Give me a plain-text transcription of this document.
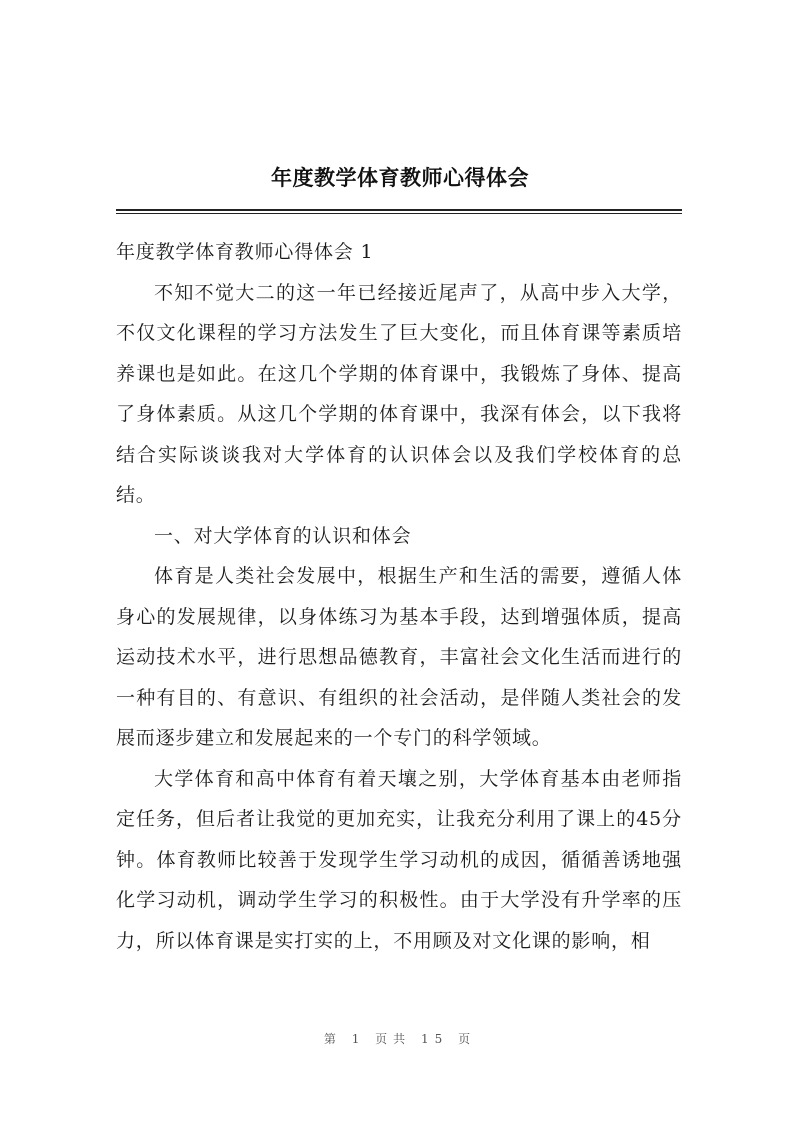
年度教学体育教师心得体会

年度教学体育教师心得体会 1

不知不觉大二的这一年已经接近尾声了，从高中步入大学，不仅文化课程的学习方法发生了巨大变化，而且体育课等素质培养课也是如此。在这几个学期的体育课中，我锻炼了身体、提高了身体素质。从这几个学期的体育课中，我深有体会，以下我将结合实际谈谈我对大学体育的认识体会以及我们学校体育的总结。

一、对大学体育的认识和体会

体育是人类社会发展中，根据生产和生活的需要，遵循人体身心的发展规律，以身体练习为基本手段，达到增强体质，提高运动技术水平，进行思想品德教育，丰富社会文化生活而进行的一种有目的、有意识、有组织的社会活动，是伴随人类社会的发展而逐步建立和发展起来的一个专门的科学领域。

大学体育和高中体育有着天壤之别，大学体育基本由老师指定任务，但后者让我觉的更加充实，让我充分利用了课上的45分钟。体育教师比较善于发现学生学习动机的成因，循循善诱地强化学习动机，调动学生学习的积极性。由于大学没有升学率的压力，所以体育课是实打实的上，不用顾及对文化课的影响，相

第 1 页共 15 页
